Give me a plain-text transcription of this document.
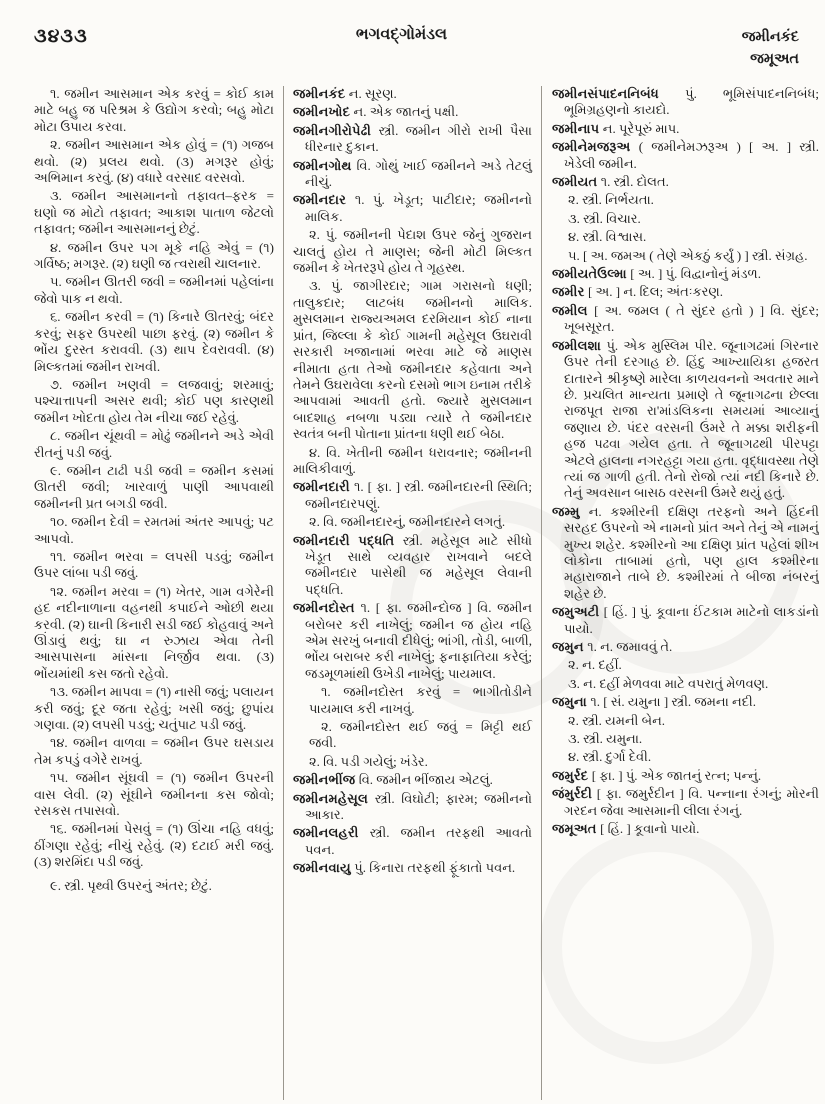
૩૪૩૩	ભગવદ્ગોમંડલ	જમીનકંદ
જમૂઅત

૧. જમીન આસમાન એક કરવું = કોઈ કામ માટે બહુ જ પરિશ્રમ કે ઉદ્યોગ કરવો; બહુ મોટા મોટા ઉપાય કરવા.

૨. જમીન આસમાન એક હોવું = (૧) ગજબ થવો. (૨) પ્રલય થવો. (૩) મગરૂર હોવું; અભિમાન કરવું. (૪) વધારે વરસાદ વરસવો.

૩. જમીન આસમાનનો તફાવત–ફરક = ઘણો જ મોટો તફાવત; આકાશ પાતાળ જેટલો તફાવત; જમીન આસમાનનું છેટું.

૪. જમીન ઉપર પગ મૂકે નહિ એવું = (૧) ગર્વિષ્ઠ; મગરૂર. (૨) ઘણી જ ત્વરાથી ચાલનાર.

૫. જમીન ઊતરી જવી = જમીનમાં પહેલાંના જેવો પાક ન થવો.

૬. જમીન કરવી = (૧) કિનારે ઊતરવું; બંદર કરવું; સફર ઉપરથી પાછા ફરવું. (૨) જમીન કે ભોંય દુરસ્ત કરાવવી. (૩) થાપ દેવરાવવી. (૪) મિલ્કતમાં જમીન રાખવી.

૭. જમીન ખણવી = લજવાવું; શરમાવું; પશ્ચાત્તાપની અસર થવી; કોઈ પણ કારણથી જમીન ખોદતા હોય તેમ નીચા જઈ રહેવું.

૮. જમીન ચૂંથવી = મોઢું જમીનને અડે એવી રીતનું પડી જવું.

૯. જમીન ટાઢી પડી જવી = જમીન કસમાં ઊતરી જવી; ખારવાળું પાણી આપવાથી જમીનની પ્રત બગડી જવી.

૧૦. જમીન દેવી = રમતમાં અંતર આપવું; પટ આપવો.

૧૧. જમીન ભરવા = લપસી પડવું; જમીન ઉપર લાંબા પડી જવું.

૧૨. જમીન મરવા = (૧) ખેતર, ગામ વગેરેની હદ નદીનાળાના વહનથી કપાઈને ઓછી થયા કરવી. (૨) ઘાની કિનારી સડી જઈ કોહવાવું અને ઊંડાવું થવું; ઘા ન રુઝાય એવા તેની આસપાસના માંસના નિર્જીવ થવા. (૩) ભોંયમાંથી કસ જતો રહેવો.

૧૩. જમીન માપવા = (૧) નાસી જવું; પલાયન કરી જવું; દૂર જતા રહેવું; ખસી જવું; છુપાંય ગણવા. (૨) લપસી પડવું; ચતુંપાટ પડી જવું.

૧૪. જમીન વાળવા = જમીન ઉપર ઘસડાય તેમ કપડું વગેરે રાખવું.

૧૫. જમીન સૂંઘવી = (૧) જમીન ઉપરની વાસ લેવી. (૨) સૂંઘીને જમીનના કસ જોવો; રસકસ તપાસવો.

૧૬. જમીનમાં પેસવું = (૧) ઊંચા નહિ વધવું; ઠીંગણા રહેવું; નીચું રહેવું. (૨) દટાઈ મરી જવું. (૩) શરમિંદા પડી જવું.

૯. સ્ત્રી. પૃથ્વી ઉપરનું અંતર; છેટું.

જમીનકંદ ન. સૂરણ.

જમીનખોદ ન. એક જાતનું પક્ષી.

જમીનગીરોપેઢી સ્ત્રી. જમીન ગીરો રાખી પૈસા ધીરનાર દુકાન.

જમીનગોથ વિ. ગોથું ખાઈ જમીનને અડે તેટલું નીચું.

જમીનદાર ૧. પું. ખેડૂત; પાટીદાર; જમીનનો માલિક.

૨. પું. જમીનની પેદાશ ઉપર જેનું ગુજરાન ચાલતું હોય તે માણસ; જેની મોટી મિલ્કત જમીન કે ખેતરરૂપે હોય તે ગૃહસ્થ.

૩. પું. જાગીરદાર; ગામ ગરાસનો ધણી; તાલુકદાર; લાટબંધ જમીનનો માલિક. મુસલમાન રાજ્યઅમલ દરમિયાન કોઈ નાના પ્રાંત, જિલ્લા કે કોઈ ગામની મહેસૂલ ઉઘરાવી સરકારી ખજાનામાં ભરવા માટે જે માણસ નીમાતા હતા તેઓ જમીનદાર કહેવાતા અને તેમને ઉઘરાવેલા કરનો દસમો ભાગ ઇનામ તરીકે આપવામાં આવતી હતો. જ્યારે મુસલમાન બાદશાહ નબળા પડ્યા ત્યારે તે જમીનદાર સ્વતંત્ર બની પોતાના પ્રાંતના ધણી થઈ બેઠા.

૪. વિ. ખેતીની જમીન ધરાવનાર; જમીનની માલિકીવાળું.

જમીનદારી ૧. [ ફા. ] સ્ત્રી. જમીનદારની સ્થિતિ; જમીનદારપણું.

૨. વિ. જમીનદારનું, જમીનદારને લગતું.

જમીનદારી પદ્ધતિ સ્ત્રી. મહેસૂલ માટે સીધો ખેડૂત સાથે વ્યવહાર રાખવાને બદલે જમીનદાર પાસેથી જ મહેસૂલ લેવાની પદ્ધતિ.

જમીનદોસ્ત ૧. [ ફા. જમીન્દોજ ] વિ. જમીન બરોબર કરી નાખેલું; જમીન જ હોય નહિ એમ સરખું બનાવી દીધેલું; ભાંગી, તોડી, બાળી, ભોંય બરાબર કરી નાખેલું; ફનાફાતિયા કરેલું; જડમૂળમાંથી ઉખેડી નાખેલું; પાયમાલ.

૧. જમીનદોસ્ત કરવું = ભાગીતોડીને પાયમાલ કરી નાખવું.

૨. જમીનદોસ્ત થઈ જવું = મિટ્ટી થઈ જવી.

૨. વિ. પડી ગયેલું; ખંડેર.

જમીનભીંજ વિ. જમીન ભીંજાય એટલું.

જમીનમહેસૂલ સ્ત્રી. વિઘોટી; ફારમ; જમીનનો આકાર.

જમીનલહરી સ્ત્રી. જમીન તરફથી આવતો પવન.

જમીનવાયુ પું. કિનારા તરફથી ફૂંકાતો પવન.

જમીનસંપાદનનિબંધ પું. ભૂમિસંપાદનનિબંધ; ભૂમિગ્રહણનો કાયદો.

જમીનાપ ન. પૂરેપૂરું માપ.

જમીનેમજરૂઅ ( જમીનેમઝરૂઅ ) [ અ. ] સ્ત્રી. ખેડેલી જમીન.

જમીયત ૧. સ્ત્રી. દોલત.

૨. સ્ત્રી. નિર્ભયતા.

૩. સ્ત્રી. વિચાર.

૪. સ્ત્રી. વિશ્વાસ.

૫. [ અ. જમઅ ( તેણે એકઠું કર્યું ) ] સ્ત્રી. સંગ્રહ.

જમીયતેઉલ્મા [ અ. ] પું. વિદ્વાનોનું મંડળ.

જમીર [ અ. ] ન. દિલ; અંતઃકરણ.

જમીલ [ અ. જમલ ( તે સુંદર હતો ) ] વિ. સુંદર; ખૂબસૂરત.

જમીલશા પું. એક મુસ્લિમ પીર. જૂનાગઢમાં ગિરનાર ઉપર તેની દરગાહ છે. હિંદુ આખ્યાયિકા હજરત દાતારને શ્રીકૃષ્ણે મારેલા કાળયવનનો અવતાર માને છે. પ્રચલિત માન્યતા પ્રમાણે તે જૂનાગઢના છેલ્લા રાજપૂત રાજા રા'માંડલિકના સમયમાં આવ્યાનું જણાય છે. પંદર વરસની ઉંમરે તે મક્કા શરીફની હજ પઢવા ગયેલ હતા. તે જૂનાગઢથી પીરપટ્ટા એટલે હાલના નગરહટ્ટા ગયા હતા. વૃદ્ધાવસ્થા તેણે ત્યાં જ ગાળી હતી. તેનો રોજો ત્યાં નદી કિનારે છે. તેનું અવસાન બાસઠ વરસની ઉંમરે થયું હતું.

જમ્મુ ન. કશ્મીરની દક્ષિણ તરફનો અને હિંદની સરહદ ઉપરનો એ નામનો પ્રાંત અને તેનું એ નામનું મુખ્ય શહેર. કશ્મીરનો આ દક્ષિણ પ્રાંત પહેલાં શીખ લોકોના તાબામાં હતો, પણ હાલ કશ્મીરના મહારાજાને તાબે છે. કશ્મીરમાં તે બીજા નંબરનું શહેર છે.

જમુઅટી [ હિં. ] પું. કૂવાના ઈંટકામ માટેનો લાકડાંનો પાયો.

જમુન ૧. ન. જમાવવું તે.

૨. ન. દહીં.

૩. ન. દહીં મેળવવા માટે વપરાતું મેળવણ.

જમુના ૧. [ સં. યમુના ] સ્ત્રી. જમના નદી.

૨. સ્ત્રી. યમની બેન.

૩. સ્ત્રી. યમુના.

૪. સ્ત્રી. દુર્ગા દેવી.

જમુર્રદ [ ફા. ] પું. એક જાતનું રત્ન; પન્નું.

જંમુર્રદી [ ફા. જમુર્રદીન ] વિ. પન્નાના રંગનું; મોરની ગરદન જેવા આસમાની લીલા રંગનું.

જમૂઅત [ હિં. ] કૂવાનો પાયો.
